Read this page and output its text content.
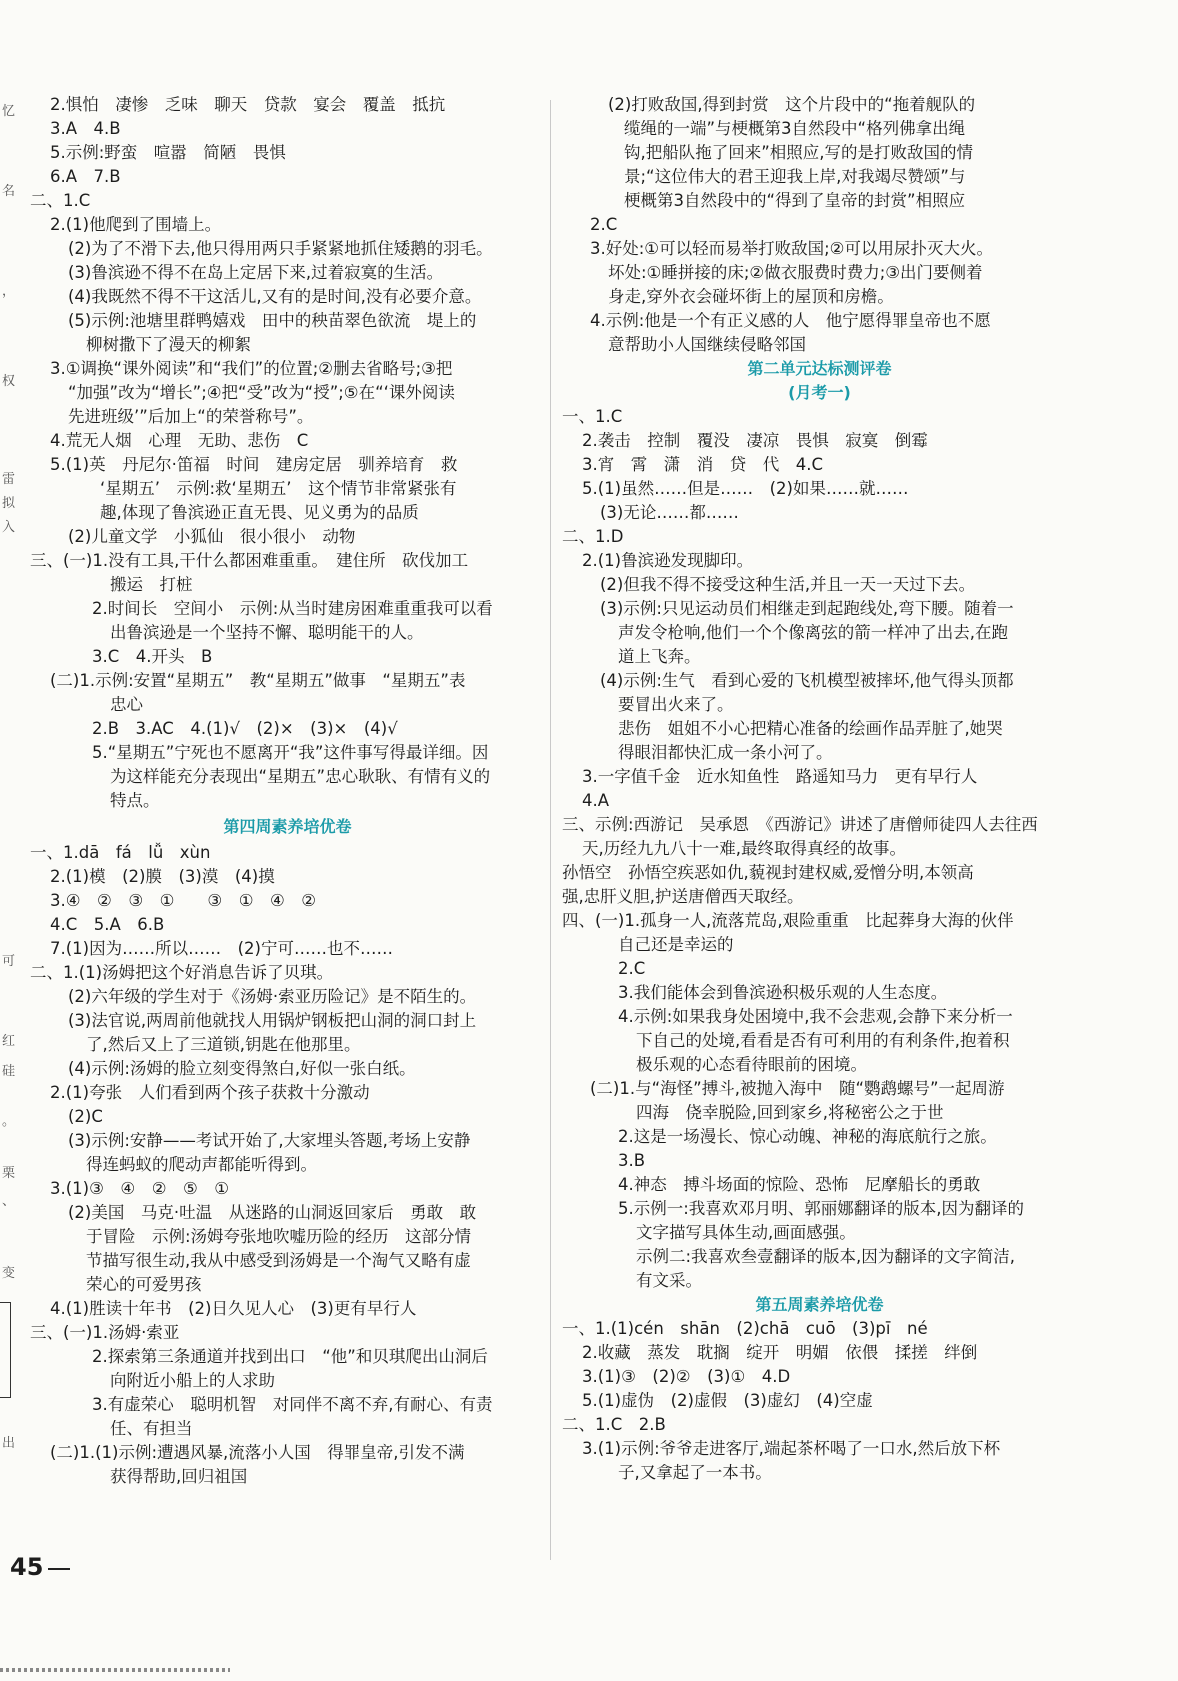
忆
名
，
权
雷
拟
入
可
红
硅
。
栗
、
变
出
2.惧怕　凄惨　乏味　聊天　贷款　宴会　覆盖　抵抗
3.A　4.B
5.示例:野蛮　喧嚣　简陋　畏惧
6.A　7.B
二、1.C
2.(1)他爬到了围墙上。
(2)为了不滑下去,他只得用两只手紧紧地抓住矮鹅的羽毛。
(3)鲁滨逊不得不在岛上定居下来,过着寂寞的生活。
(4)我既然不得不干这活儿,又有的是时间,没有必要介意。
(5)示例:池塘里群鸭嬉戏　田中的秧苗翠色欲流　堤上的
柳树撒下了漫天的柳絮
3.①调换“课外阅读”和“我们”的位置;②删去省略号;③把
“加强”改为“增长”;④把“受”改为“授”;⑤在“‘课外阅读
先进班级’”后加上“的荣誉称号”。
4.荒无人烟　心理　无助、悲伤　C
5.(1)英　丹尼尔·笛福　时间　建房定居　驯养培育　救
‘星期五’　示例:救‘星期五’　这个情节非常紧张有
趣,体现了鲁滨逊正直无畏、见义勇为的品质
(2)儿童文学　小狐仙　很小很小　动物
三、(一)1.没有工具,干什么都困难重重。　建住所　砍伐加工
搬运　打桩
2.时间长　空间小　示例:从当时建房困难重重我可以看
出鲁滨逊是一个坚持不懈、聪明能干的人。
3.C　4.开头　B
(二)1.示例:安置“星期五”　教“星期五”做事　“星期五”表
忠心
2.B　3.AC　4.(1)√　(2)×　(3)×　(4)√
5.“星期五”宁死也不愿离开“我”这件事写得最详细。因
为这样能充分表现出“星期五”忠心耿耿、有情有义的
特点。
第四周素养培优卷
一、1.dā　fá　lǚ　xùn
2.(1)模　(2)膜　(3)漠　(4)摸
3.④　②　③　①　　③　①　④　②
4.C　5.A　6.B
7.(1)因为……所以……　(2)宁可……也不……
二、1.(1)汤姆把这个好消息告诉了贝琪。
(2)六年级的学生对于《汤姆·索亚历险记》是不陌生的。
(3)法官说,两周前他就找人用锅炉钢板把山洞的洞口封上
了,然后又上了三道锁,钥匙在他那里。
(4)示例:汤姆的脸立刻变得煞白,好似一张白纸。
2.(1)夸张　人们看到两个孩子获救十分激动
(2)C
(3)示例:安静——考试开始了,大家埋头答题,考场上安静
得连蚂蚁的爬动声都能听得到。
3.(1)③　④　②　⑤　①
(2)美国　马克·吐温　从迷路的山洞返回家后　勇敢　敢
于冒险　示例:汤姆夸张地吹嘘历险的经历　这部分情
节描写很生动,我从中感受到汤姆是一个淘气又略有虚
荣心的可爱男孩
4.(1)胜读十年书　(2)日久见人心　(3)更有早行人
三、(一)1.汤姆·索亚
2.探索第三条通道并找到出口　“他”和贝琪爬出山洞后
向附近小船上的人求助
3.有虚荣心　聪明机智　对同伴不离不弃,有耐心、有责
任、有担当
(二)1.(1)示例:遭遇风暴,流落小人国　得罪皇帝,引发不满
获得帮助,回归祖国
(2)打败敌国,得到封赏　这个片段中的“拖着舰队的
缆绳的一端”与梗概第3自然段中“格列佛拿出绳
钩,把船队拖了回来”相照应,写的是打败敌国的情
景;“这位伟大的君王迎我上岸,对我竭尽赞颂”与
梗概第3自然段中的“得到了皇帝的封赏”相照应
2.C
3.好处:①可以轻而易举打败敌国;②可以用尿扑灭大火。
坏处:①睡拼接的床;②做衣服费时费力;③出门要侧着
身走,穿外衣会碰坏街上的屋顶和房檐。
4.示例:他是一个有正义感的人　他宁愿得罪皇帝也不愿
意帮助小人国继续侵略邻国
第二单元达标测评卷
(月考一)
一、1.C
2.袭击　控制　覆没　凄凉　畏惧　寂寞　倒霉
3.宵　霄　潇　消　贷　代　4.C
5.(1)虽然……但是……　(2)如果……就……
(3)无论……都……
二、1.D
2.(1)鲁滨逊发现脚印。
(2)但我不得不接受这种生活,并且一天一天过下去。
(3)示例:只见运动员们相继走到起跑线处,弯下腰。随着一
声发令枪响,他们一个个像离弦的箭一样冲了出去,在跑
道上飞奔。
(4)示例:生气　看到心爱的飞机模型被摔坏,他气得头顶都
要冒出火来了。
悲伤　姐姐不小心把精心准备的绘画作品弄脏了,她哭
得眼泪都快汇成一条小河了。
3.一字值千金　近水知鱼性　路遥知马力　更有早行人
4.A
三、示例:西游记　吴承恩　《西游记》讲述了唐僧师徒四人去往西
天,历经九九八十一难,最终取得真经的故事。
孙悟空　孙悟空疾恶如仇,藐视封建权威,爱憎分明,本领高
强,忠肝义胆,护送唐僧西天取经。
四、(一)1.孤身一人,流落荒岛,艰险重重　比起葬身大海的伙伴
自己还是幸运的
2.C
3.我们能体会到鲁滨逊积极乐观的人生态度。
4.示例:如果我身处困境中,我不会悲观,会静下来分析一
下自己的处境,看看是否有可利用的有利条件,抱着积
极乐观的心态看待眼前的困境。
(二)1.与“海怪”搏斗,被抛入海中　随“鹦鹉螺号”一起周游
四海　侥幸脱险,回到家乡,将秘密公之于世
2.这是一场漫长、惊心动魄、神秘的海底航行之旅。
3.B
4.神态　搏斗场面的惊险、恐怖　尼摩船长的勇敢
5.示例一:我喜欢邓月明、郭丽娜翻译的版本,因为翻译的
文字描写具体生动,画面感强。
示例二:我喜欢叁壹翻译的版本,因为翻译的文字简洁,
有文采。
第五周素养培优卷
一、1.(1)cén　shān　(2)chā　cuō　(3)pī　né
2.收藏　蒸发　耽搁　绽开　明媚　依偎　揉搓　绊倒
3.(1)③　(2)②　(3)①　4.D
5.(1)虚伪　(2)虚假　(3)虚幻　(4)空虚
二、1.C　2.B
3.(1)示例:爷爷走进客厅,端起茶杯喝了一口水,然后放下杯
子,又拿起了一本书。
45
